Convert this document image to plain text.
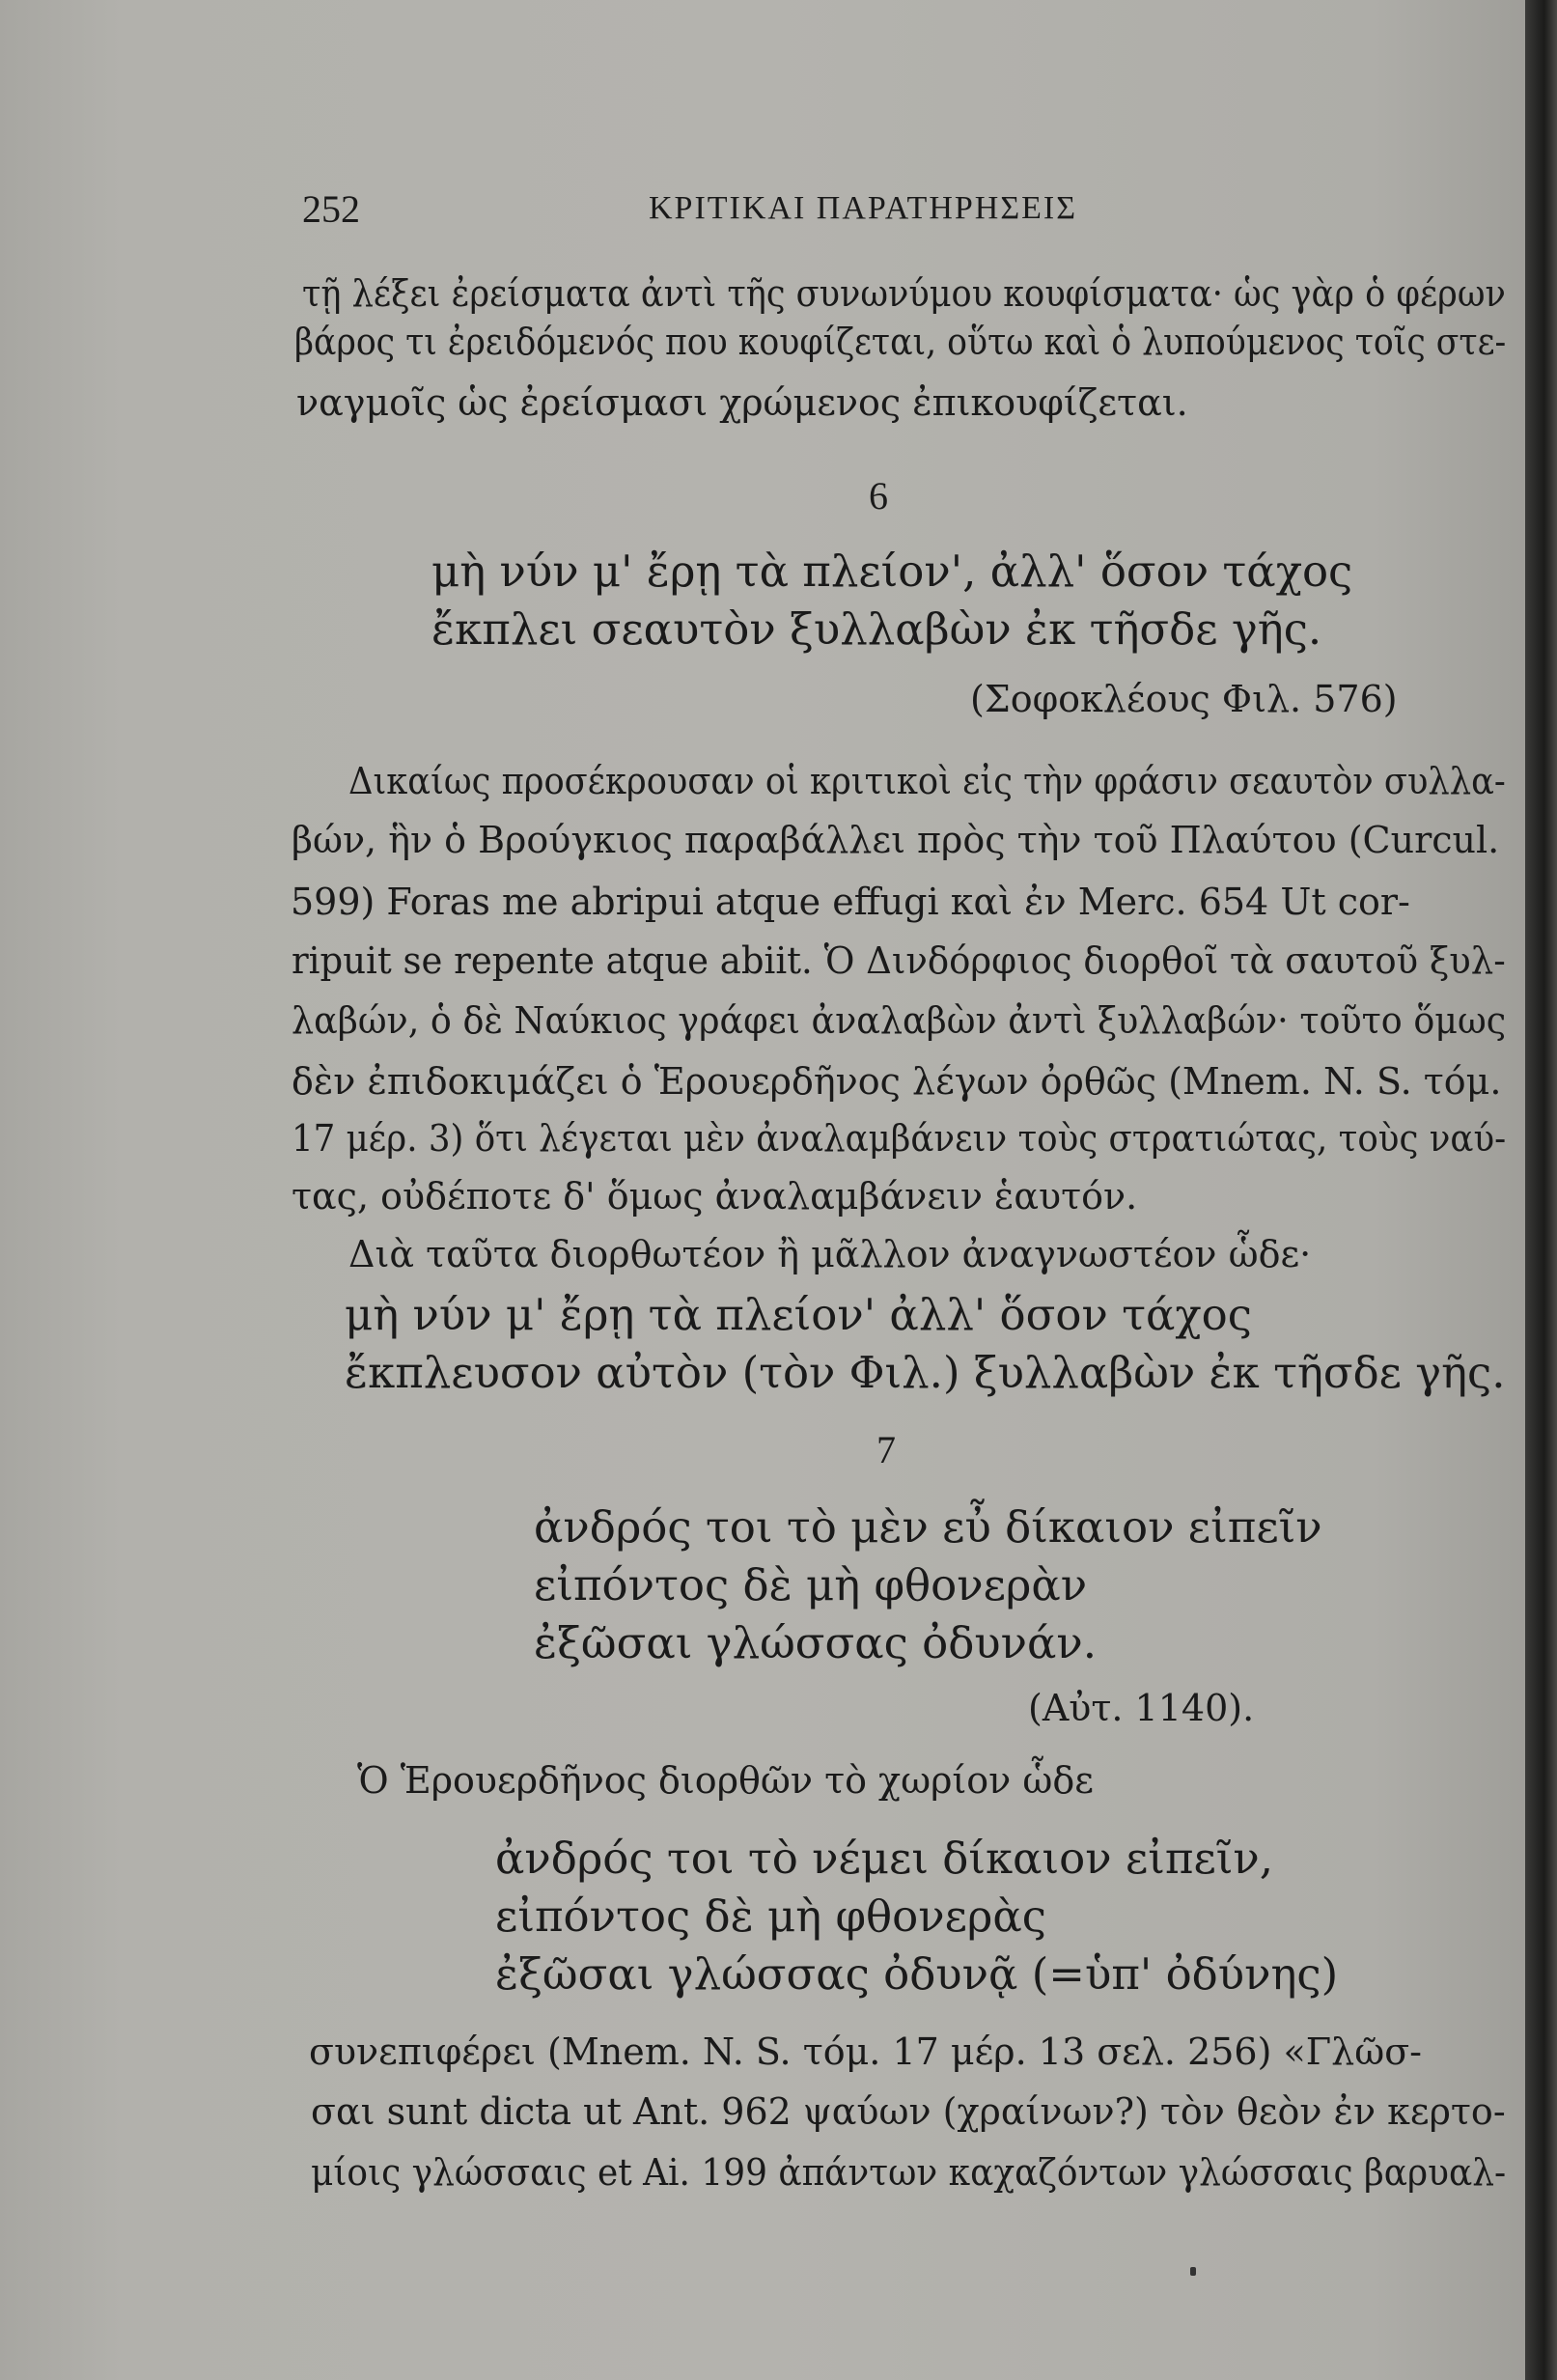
252	ΚΡΙΤΙΚΑΙ ΠΑΡΑΤΗΡΗΣΕΙΣ
τῇ λέξει ἐρείσματα ἀντὶ τῆς συνωνύμου κουφίσματα· ὡς γὰρ ὁ φέρων
βάρος τι ἐρειδόμενός που κουφίζεται, οὕτω καὶ ὁ λυπούμενος τοῖς στε-
ναγμοῖς ὡς ἐρείσμασι χρώμενος ἐπικουφίζεται.
6
μὴ νύν μ' ἔρῃ τὰ πλείον', ἀλλ' ὅσον τάχος
ἔκπλει σεαυτὸν ξυλλαβὼν ἐκ τῆσδε γῆς.
(Σοφοκλέους Φιλ. 576)
Δικαίως προσέκρουσαν οἱ κριτικοὶ εἰς τὴν φράσιν σεαυτὸν συλλα-
βών, ἣν ὁ Βρούγκιος παραβάλλει πρὸς τὴν τοῦ Πλαύτου (Curcul.
599) Foras me abripui atque effugi καὶ ἐν Merc. 654 Ut cor-
ripuit se repente atque abiit. Ὁ Δινδόρφιος διορθοῖ τὰ σαυτοῦ ξυλ-
λαβών, ὁ δὲ Ναύκιος γράφει ἀναλαβὼν ἀντὶ ξυλλαβών· τοῦτο ὅμως
δὲν ἐπιδοκιμάζει ὁ Ἑρουερδῆνος λέγων ὀρθῶς (Mnem. N. S. τόμ.
17 μέρ. 3) ὅτι λέγεται μὲν ἀναλαμβάνειν τοὺς στρατιώτας, τοὺς ναύ-
τας, οὐδέποτε δ' ὅμως ἀναλαμβάνειν ἑαυτόν.
Διὰ ταῦτα διορθωτέον ἢ μᾶλλον ἀναγνωστέον ὧδε·
μὴ νύν μ' ἔρῃ τὰ πλείον' ἀλλ' ὅσον τάχος
ἔκπλευσον αὐτὸν (τὸν Φιλ.) ξυλλαβὼν ἐκ τῆσδε γῆς.
7
ἀνδρός τοι τὸ μὲν εὖ δίκαιον εἰπεῖν
εἰπόντος δὲ μὴ φθονερὰν
ἐξῶσαι γλώσσας ὀδυνάν.
(Αὐτ. 1140).
Ὁ Ἑρουερδῆνος διορθῶν τὸ χωρίον ὧδε
ἀνδρός τοι τὸ νέμει δίκαιον εἰπεῖν,
εἰπόντος δὲ μὴ φθονερὰς
ἐξῶσαι γλώσσας ὀδυνᾷ (=ὑπ' ὀδύνης)
συνεπιφέρει (Mnem. N. S. τόμ. 17 μέρ. 13 σελ. 256) «Γλῶσ-
σαι sunt dicta ut Ant. 962 ψαύων (χραίνων?) τὸν θεὸν ἐν κερτο-
μίοις γλώσσαις et Ai. 199 ἀπάντων καχαζόντων γλώσσαις βαρυαλ-
